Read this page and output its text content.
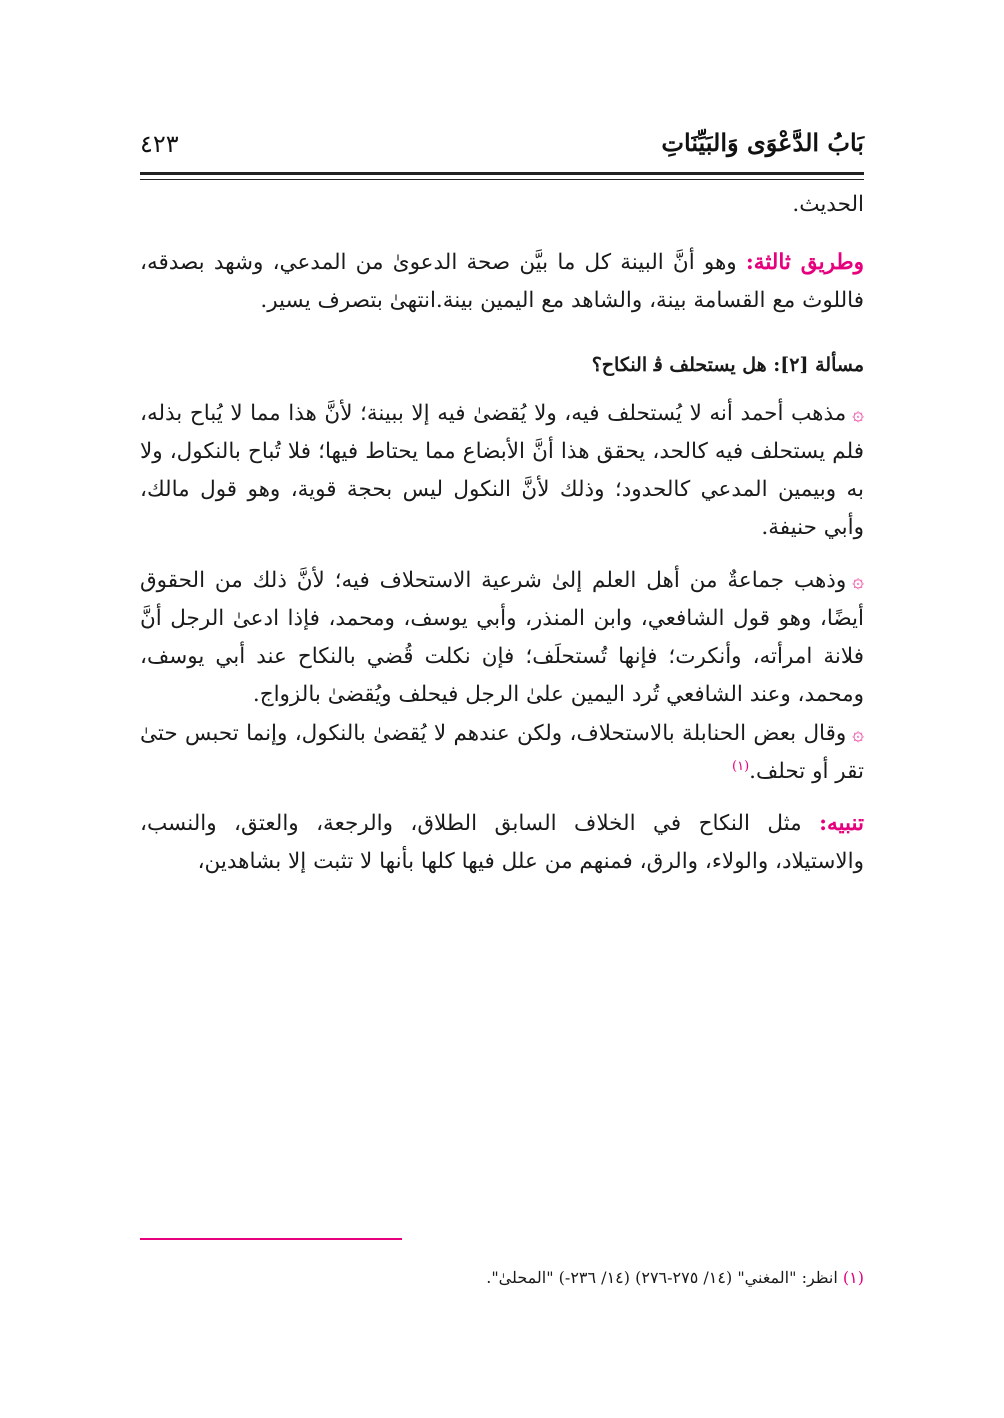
بَابُ الدَّعْوَى وَالبَيِّنَاتِ
٤٢٣

الحديث.

وطريق ثالثة: وهو أنَّ البينة كل ما بيَّن صحة الدعوىٰ من المدعي، وشهد بصدقه، فاللوث مع القسامة بينة، والشاهد مع اليمين بينة.انتهىٰ بتصرف يسير.

مسألة [٢]: هل يستحلف ﭬ النكاح؟

۞مذهب أحمد أنه لا يُستحلف فيه، ولا يُقضىٰ فيه إلا ببينة؛ لأنَّ هذا مما لا يُباح بذله، فلم يستحلف فيه كالحد، يحقق هذا أنَّ الأبضاع مما يحتاط فيها؛ فلا تُباح بالنكول، ولا به وبيمين المدعي كالحدود؛ وذلك لأنَّ النكول ليس بحجة قوية، وهو قول مالك، وأبي حنيفة.

۞وذهب جماعةٌ من أهل العلم إلىٰ شرعية الاستحلاف فيه؛ لأنَّ ذلك من الحقوق أيضًا، وهو قول الشافعي، وابن المنذر، وأبي يوسف، ومحمد، فإذا ادعىٰ الرجل أنَّ فلانة امرأته، وأنكرت؛ فإنها تُستحلَف؛ فإن نكلت قُضي بالنكاح عند أبي يوسف، ومحمد، وعند الشافعي تُرد اليمين علىٰ الرجل فيحلف ويُقضىٰ بالزواج.

۞وقال بعض الحنابلة بالاستحلاف، ولكن عندهم لا يُقضىٰ بالنكول، وإنما تحبس حتىٰ تقر أو تحلف.$^{(١)}$

تنبيه: مثل النكاح في الخلاف السابق الطلاق، والرجعة، والعتق، والنسب، والاستيلاد، والولاء، والرق، فمنهم من علل فيها كلها بأنها لا تثبت إلا بشاهدين،

(١) انظر: "المغني" (١٤/ ٢٧٥-٢٧٦) (١٤/ ٢٣٦-) "المحلىٰ".
